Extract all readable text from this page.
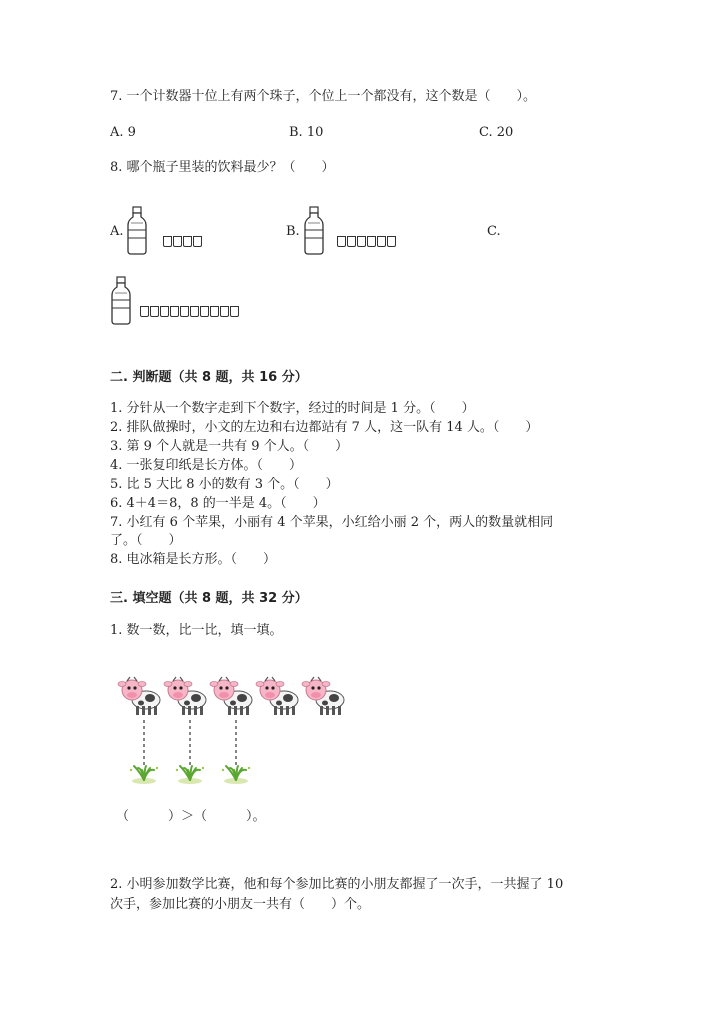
7. 一个计数器十位上有两个珠子，个位上一个都没有，这个数是（　　）。
A. 9	B. 10	C. 20
8. 哪个瓶子里装的饮料最少？（　　）
A.	B.	C.
二. 判断题（共 8 题，共 16 分）
1. 分针从一个数字走到下个数字，经过的时间是 1 分。（　　）
2. 排队做操时，小文的左边和右边都站有 7 人，这一队有 14 人。（　　）
3. 第 9 个人就是一共有 9 个人。（　　）
4. 一张复印纸是长方体。（　　）
5. 比 5 大比 8 小的数有 3 个。（　　）
6. 4＋4＝8，8 的一半是 4。（　　）
7. 小红有 6 个苹果，小丽有 4 个苹果，小红给小丽 2 个，两人的数量就相同
了。（　　）
8. 电冰箱是长方形。（　　）
三. 填空题（共 8 题，共 32 分）
1. 数一数，比一比，填一填。
（　　　）＞（　　　）。
2. 小明参加数学比赛，他和每个参加比赛的小朋友都握了一次手，一共握了 10
次手，参加比赛的小朋友一共有（　　）个。
